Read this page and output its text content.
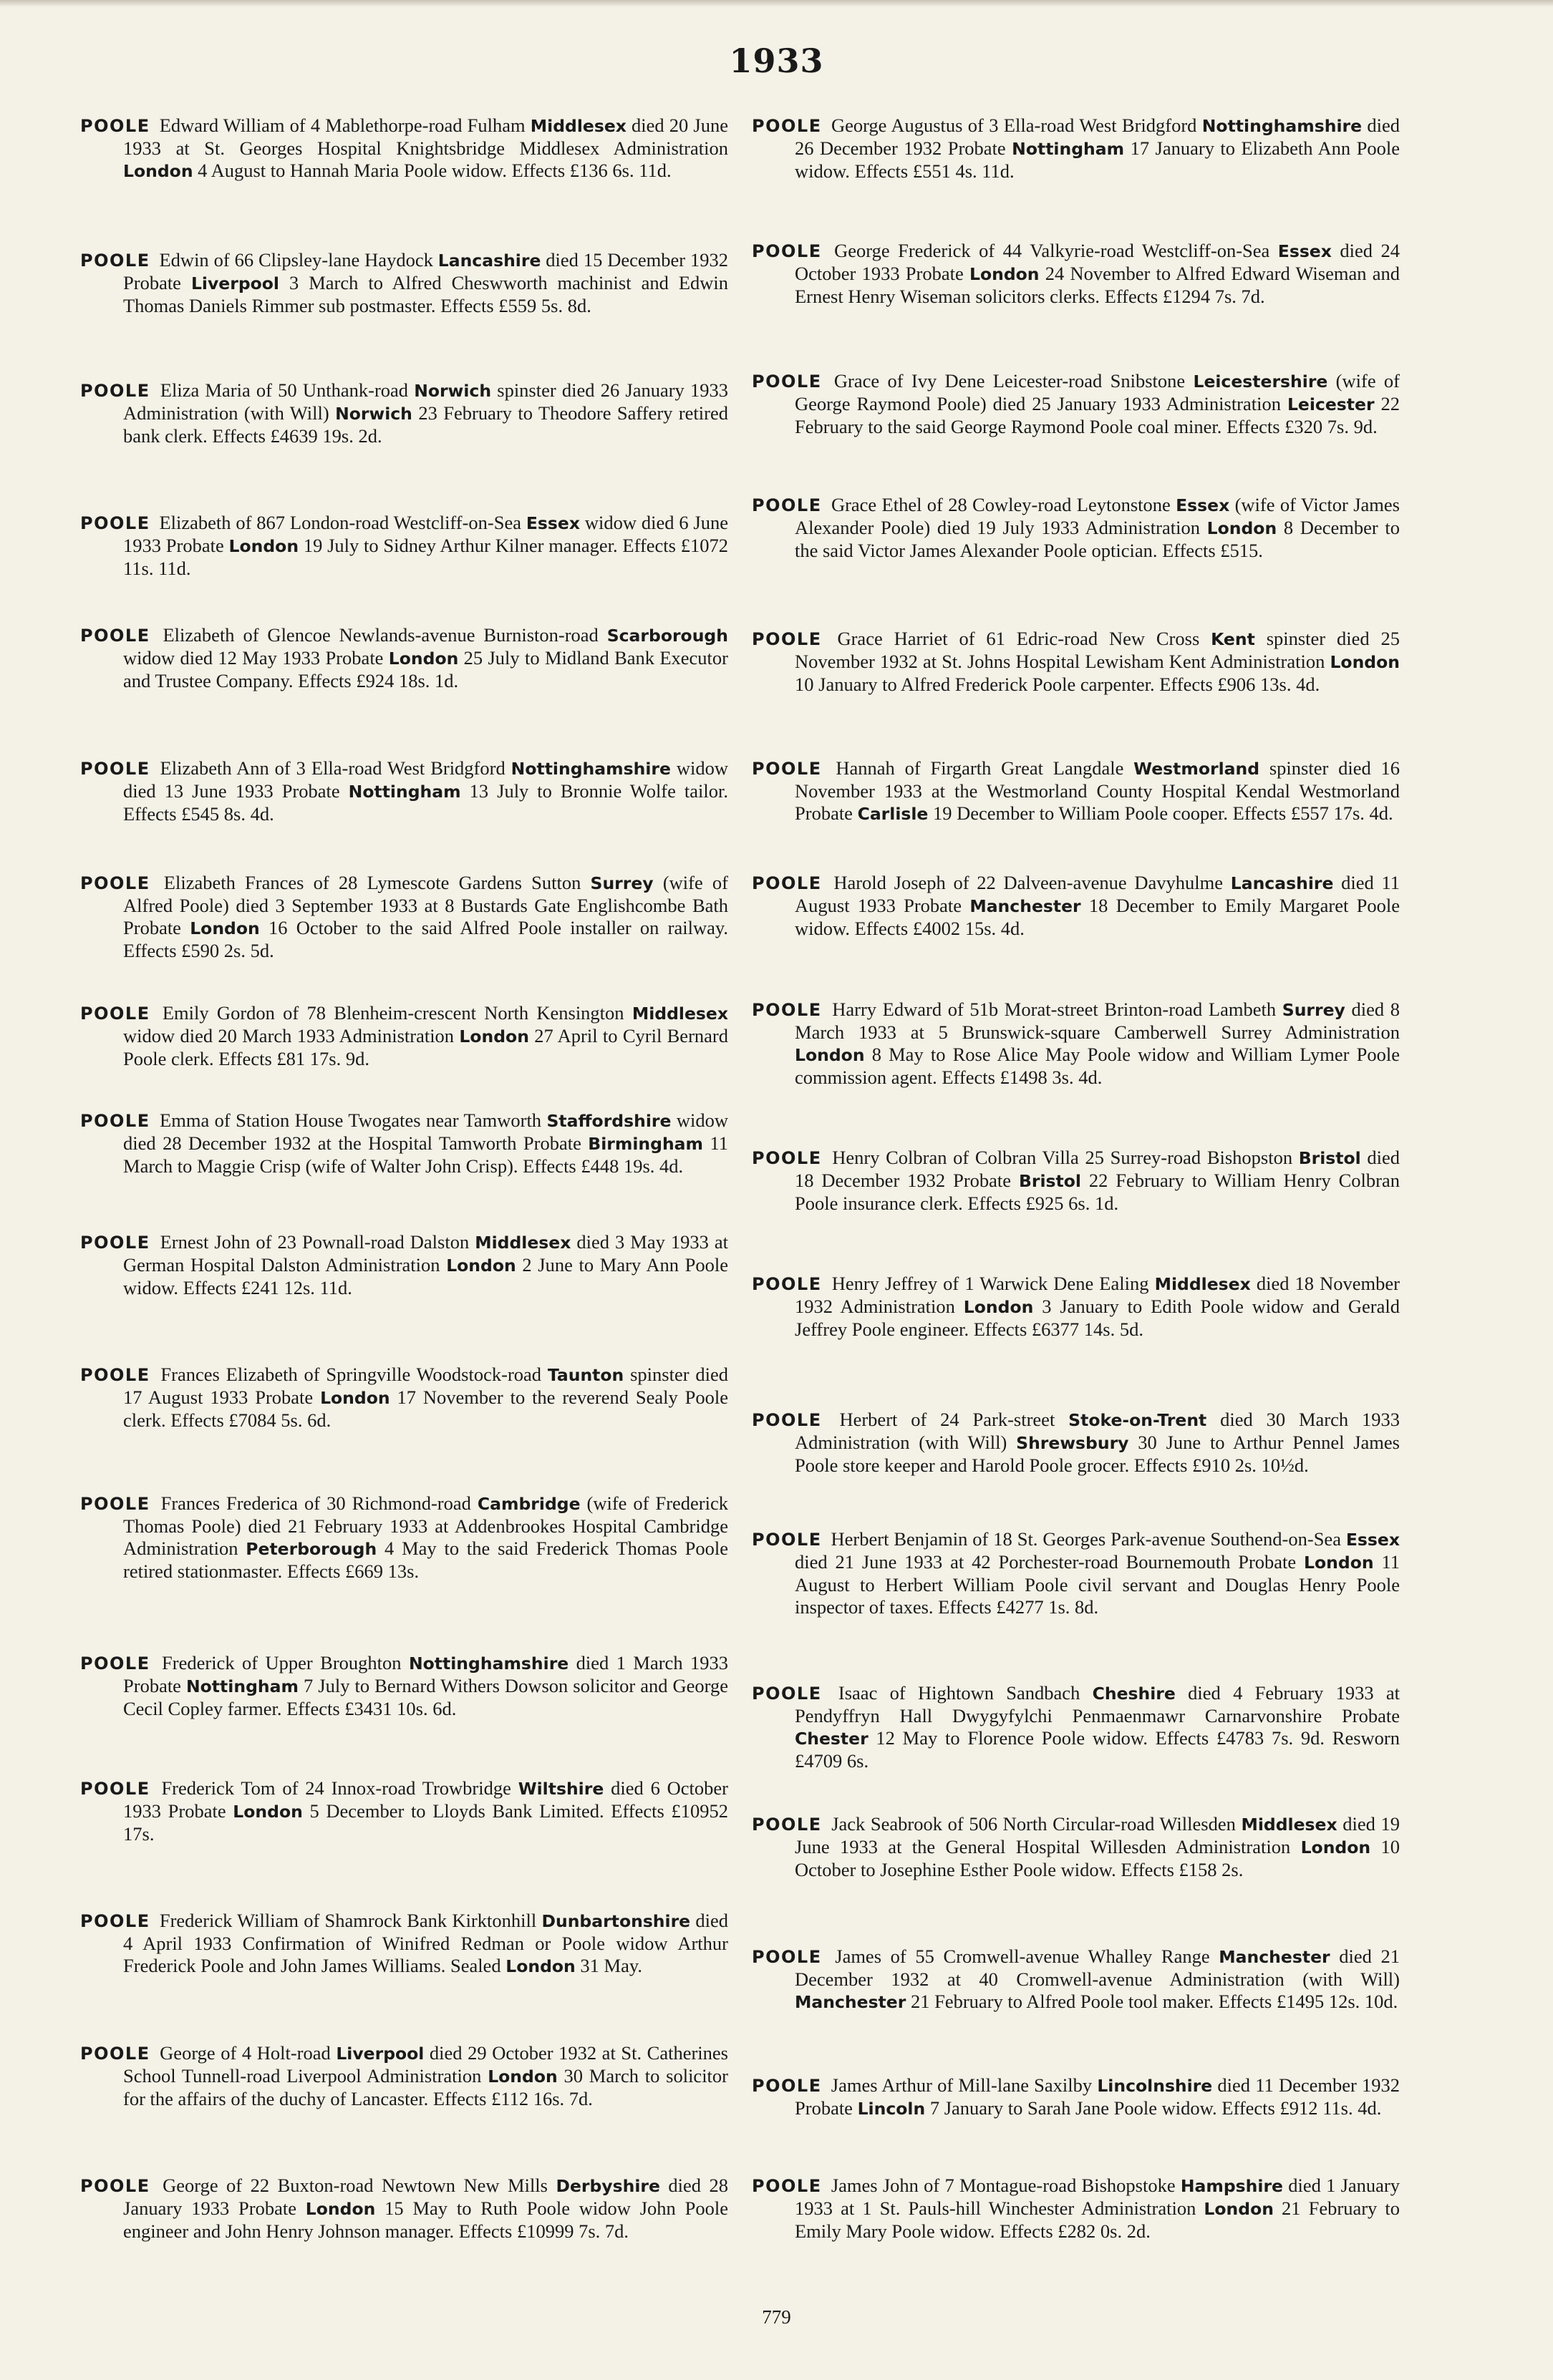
1933
POOLE Edward William of 4 Mablethorpe-road Fulham Middlesex died 20 June 1933 at St. Georges Hospital Knightsbridge Middlesex Administration London 4 August to Hannah Maria Poole widow. Effects £136 6s. 11d.
POOLE Edwin of 66 Clipsley-lane Haydock Lancashire died 15 December 1932 Probate Liverpool 3 March to Alfred Cheswworth machinist and Edwin Thomas Daniels Rimmer sub postmaster. Effects £559 5s. 8d.
POOLE Eliza Maria of 50 Unthank-road Norwich spinster died 26 January 1933 Administration (with Will) Norwich 23 February to Theodore Saffery retired bank clerk. Effects £4639 19s. 2d.
POOLE Elizabeth of 867 London-road Westcliff-on-Sea Essex widow died 6 June 1933 Probate London 19 July to Sidney Arthur Kilner manager. Effects £1072 11s. 11d.
POOLE Elizabeth of Glencoe Newlands-avenue Burniston-road Scarborough widow died 12 May 1933 Probate London 25 July to Midland Bank Executor and Trustee Company. Effects £924 18s. 1d.
POOLE Elizabeth Ann of 3 Ella-road West Bridgford Nottinghamshire widow died 13 June 1933 Probate Nottingham 13 July to Bronnie Wolfe tailor. Effects £545 8s. 4d.
POOLE Elizabeth Frances of 28 Lymescote Gardens Sutton Surrey (wife of Alfred Poole) died 3 September 1933 at 8 Bustards Gate Englishcombe Bath Probate London 16 October to the said Alfred Poole installer on railway. Effects £590 2s. 5d.
POOLE Emily Gordon of 78 Blenheim-crescent North Kensington Middlesex widow died 20 March 1933 Administration London 27 April to Cyril Bernard Poole clerk. Effects £81 17s. 9d.
POOLE Emma of Station House Twogates near Tamworth Staffordshire widow died 28 December 1932 at the Hospital Tamworth Probate Birmingham 11 March to Maggie Crisp (wife of Walter John Crisp). Effects £448 19s. 4d.
POOLE Ernest John of 23 Pownall-road Dalston Middlesex died 3 May 1933 at German Hospital Dalston Administration London 2 June to Mary Ann Poole widow. Effects £241 12s. 11d.
POOLE Frances Elizabeth of Springville Woodstock-road Taunton spinster died 17 August 1933 Probate London 17 November to the reverend Sealy Poole clerk. Effects £7084 5s. 6d.
POOLE Frances Frederica of 30 Richmond-road Cambridge (wife of Frederick Thomas Poole) died 21 February 1933 at Addenbrookes Hospital Cambridge Administration Peterborough 4 May to the said Frederick Thomas Poole retired stationmaster. Effects £669 13s.
POOLE Frederick of Upper Broughton Nottinghamshire died 1 March 1933 Probate Nottingham 7 July to Bernard Withers Dowson solicitor and George Cecil Copley farmer. Effects £3431 10s. 6d.
POOLE Frederick Tom of 24 Innox-road Trowbridge Wiltshire died 6 October 1933 Probate London 5 December to Lloyds Bank Limited. Effects £10952 17s.
POOLE Frederick William of Shamrock Bank Kirktonhill Dunbartonshire died 4 April 1933 Confirmation of Winifred Redman or Poole widow Arthur Frederick Poole and John James Williams. Sealed London 31 May.
POOLE George of 4 Holt-road Liverpool died 29 October 1932 at St. Catherines School Tunnell-road Liverpool Administration London 30 March to solicitor for the affairs of the duchy of Lancaster. Effects £112 16s. 7d.
POOLE George of 22 Buxton-road Newtown New Mills Derbyshire died 28 January 1933 Probate London 15 May to Ruth Poole widow John Poole engineer and John Henry Johnson manager. Effects £10999 7s. 7d.
POOLE George Augustus of 3 Ella-road West Bridgford Nottinghamshire died 26 December 1932 Probate Nottingham 17 January to Elizabeth Ann Poole widow. Effects £551 4s. 11d.
POOLE George Frederick of 44 Valkyrie-road Westcliff-on-Sea Essex died 24 October 1933 Probate London 24 November to Alfred Edward Wiseman and Ernest Henry Wiseman solicitors clerks. Effects £1294 7s. 7d.
POOLE Grace of Ivy Dene Leicester-road Snibstone Leicestershire (wife of George Raymond Poole) died 25 January 1933 Administration Leicester 22 February to the said George Raymond Poole coal miner. Effects £320 7s. 9d.
POOLE Grace Ethel of 28 Cowley-road Leytonstone Essex (wife of Victor James Alexander Poole) died 19 July 1933 Administration London 8 December to the said Victor James Alexander Poole optician. Effects £515.
POOLE Grace Harriet of 61 Edric-road New Cross Kent spinster died 25 November 1932 at St. Johns Hospital Lewisham Kent Administration London 10 January to Alfred Frederick Poole carpenter. Effects £906 13s. 4d.
POOLE Hannah of Firgarth Great Langdale Westmorland spinster died 16 November 1933 at the Westmorland County Hospital Kendal Westmorland Probate Carlisle 19 December to William Poole cooper. Effects £557 17s. 4d.
POOLE Harold Joseph of 22 Dalveen-avenue Davyhulme Lancashire died 11 August 1933 Probate Manchester 18 December to Emily Margaret Poole widow. Effects £4002 15s. 4d.
POOLE Harry Edward of 51b Morat-street Brinton-road Lambeth Surrey died 8 March 1933 at 5 Brunswick-square Camberwell Surrey Administration London 8 May to Rose Alice May Poole widow and William Lymer Poole commission agent. Effects £1498 3s. 4d.
POOLE Henry Colbran of Colbran Villa 25 Surrey-road Bishopston Bristol died 18 December 1932 Probate Bristol 22 February to William Henry Colbran Poole insurance clerk. Effects £925 6s. 1d.
POOLE Henry Jeffrey of 1 Warwick Dene Ealing Middlesex died 18 November 1932 Administration London 3 January to Edith Poole widow and Gerald Jeffrey Poole engineer. Effects £6377 14s. 5d.
POOLE Herbert of 24 Park-street Stoke-on-Trent died 30 March 1933 Administration (with Will) Shrewsbury 30 June to Arthur Pennel James Poole store keeper and Harold Poole grocer. Effects £910 2s. 10½d.
POOLE Herbert Benjamin of 18 St. Georges Park-avenue Southend-on-Sea Essex died 21 June 1933 at 42 Porchester-road Bournemouth Probate London 11 August to Herbert William Poole civil servant and Douglas Henry Poole inspector of taxes. Effects £4277 1s. 8d.
POOLE Isaac of Hightown Sandbach Cheshire died 4 February 1933 at Pendyffryn Hall Dwygyfylchi Penmaenmawr Carnarvonshire Probate Chester 12 May to Florence Poole widow. Effects £4783 7s. 9d. Resworn £4709 6s.
POOLE Jack Seabrook of 506 North Circular-road Willesden Middlesex died 19 June 1933 at the General Hospital Willesden Administration London 10 October to Josephine Esther Poole widow. Effects £158 2s.
POOLE James of 55 Cromwell-avenue Whalley Range Manchester died 21 December 1932 at 40 Cromwell-avenue Administration (with Will) Manchester 21 February to Alfred Poole tool maker. Effects £1495 12s. 10d.
POOLE James Arthur of Mill-lane Saxilby Lincolnshire died 11 December 1932 Probate Lincoln 7 January to Sarah Jane Poole widow. Effects £912 11s. 4d.
POOLE James John of 7 Montague-road Bishopstoke Hampshire died 1 January 1933 at 1 St. Pauls-hill Winchester Administration London 21 February to Emily Mary Poole widow. Effects £282 0s. 2d.
779
